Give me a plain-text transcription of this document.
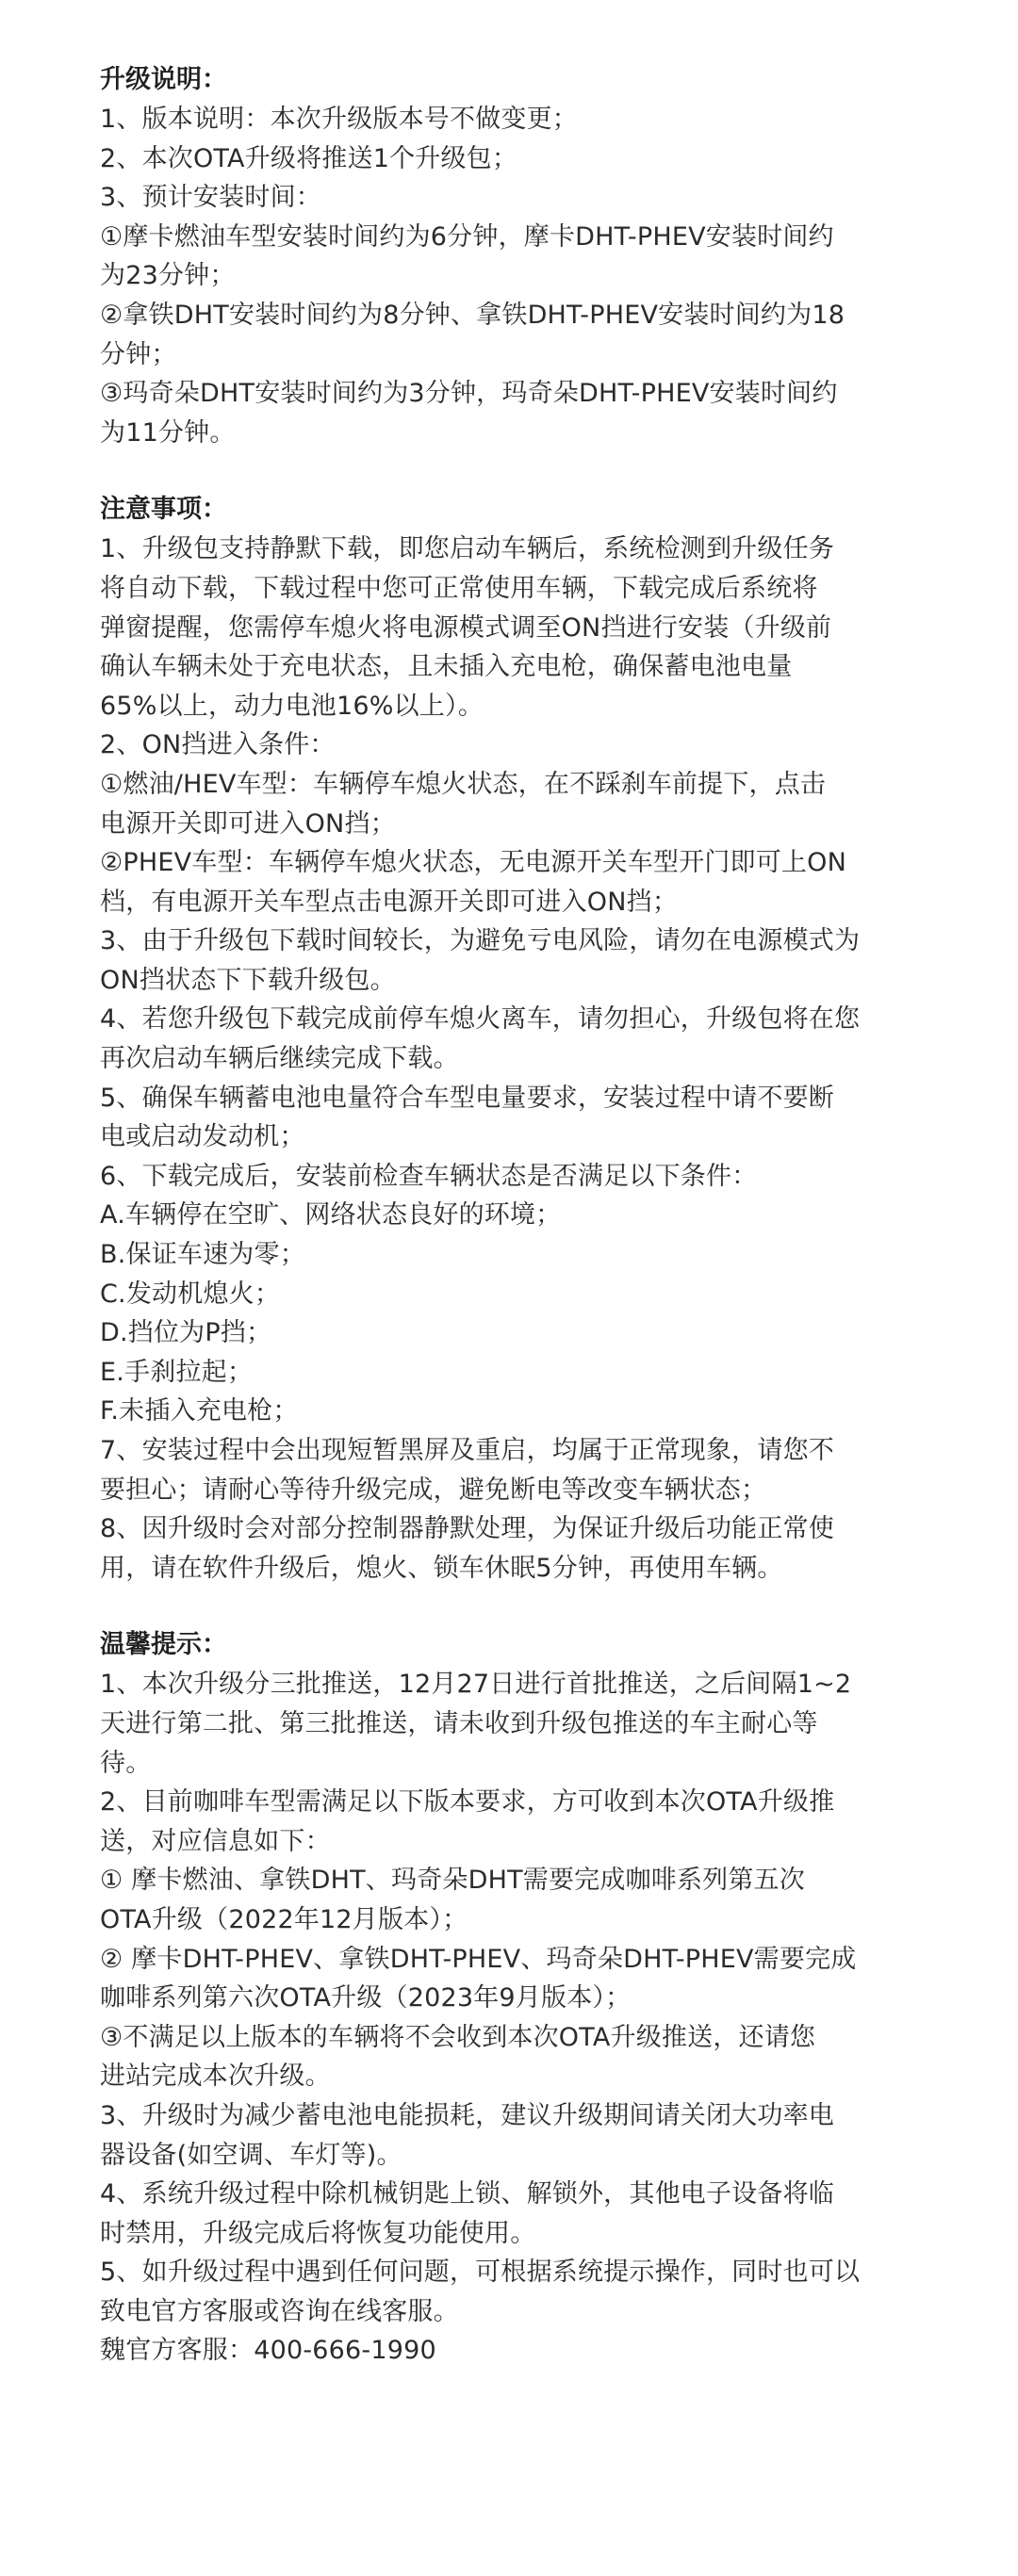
升级说明：

1、版本说明：本次升级版本号不做变更；

2、本次OTA升级将推送1个升级包；

3、预计安装时间：

①摩卡燃油车型安装时间约为6分钟，摩卡DHT-PHEV安装时间约

为23分钟；

②拿铁DHT安装时间约为8分钟、拿铁DHT-PHEV安装时间约为18

分钟；

③玛奇朵DHT安装时间约为3分钟，玛奇朵DHT-PHEV安装时间约

为11分钟。

注意事项：

1、升级包支持静默下载，即您启动车辆后，系统检测到升级任务

将自动下载，下载过程中您可正常使用车辆，下载完成后系统将

弹窗提醒，您需停车熄火将电源模式调至ON挡进行安装（升级前

确认车辆未处于充电状态，且未插入充电枪，确保蓄电池电量

65%以上，动力电池16%以上）。

2、ON挡进入条件：

①燃油/HEV车型：车辆停车熄火状态，在不踩刹车前提下，点击

电源开关即可进入ON挡；

②PHEV车型：车辆停车熄火状态，无电源开关车型开门即可上ON

档，有电源开关车型点击电源开关即可进入ON挡；

3、由于升级包下载时间较长，为避免亏电风险，请勿在电源模式为

ON挡状态下下载升级包。

4、若您升级包下载完成前停车熄火离车，请勿担心，升级包将在您

再次启动车辆后继续完成下载。

5、确保车辆蓄电池电量符合车型电量要求，安装过程中请不要断

电或启动发动机；

6、下载完成后，安装前检查车辆状态是否满足以下条件：

A.车辆停在空旷、网络状态良好的环境；

B.保证车速为零；

C.发动机熄火；

D.挡位为P挡；

E.手刹拉起；

F.未插入充电枪；

7、安装过程中会出现短暂黑屏及重启，均属于正常现象，请您不

要担心；请耐心等待升级完成，避免断电等改变车辆状态；

8、因升级时会对部分控制器静默处理，为保证升级后功能正常使

用，请在软件升级后，熄火、锁车休眠5分钟，再使用车辆。

温馨提示：

1、本次升级分三批推送，12月27日进行首批推送，之后间隔1~2

天进行第二批、第三批推送，请未收到升级包推送的车主耐心等

待。

2、目前咖啡车型需满足以下版本要求，方可收到本次OTA升级推

送，对应信息如下：

① 摩卡燃油、拿铁DHT、玛奇朵DHT需要完成咖啡系列第五次

OTA升级（2022年12月版本）；

② 摩卡DHT-PHEV、拿铁DHT-PHEV、玛奇朵DHT-PHEV需要完成

咖啡系列第六次OTA升级（2023年9月版本）；

③不满足以上版本的车辆将不会收到本次OTA升级推送，还请您

进站完成本次升级。

3、升级时为减少蓄电池电能损耗，建议升级期间请关闭大功率电

器设备(如空调、车灯等)。

4、系统升级过程中除机械钥匙上锁、解锁外，其他电子设备将临

时禁用，升级完成后将恢复功能使用。

5、如升级过程中遇到任何问题，可根据系统提示操作，同时也可以

致电官方客服或咨询在线客服。

魏官方客服：400-666-1990
